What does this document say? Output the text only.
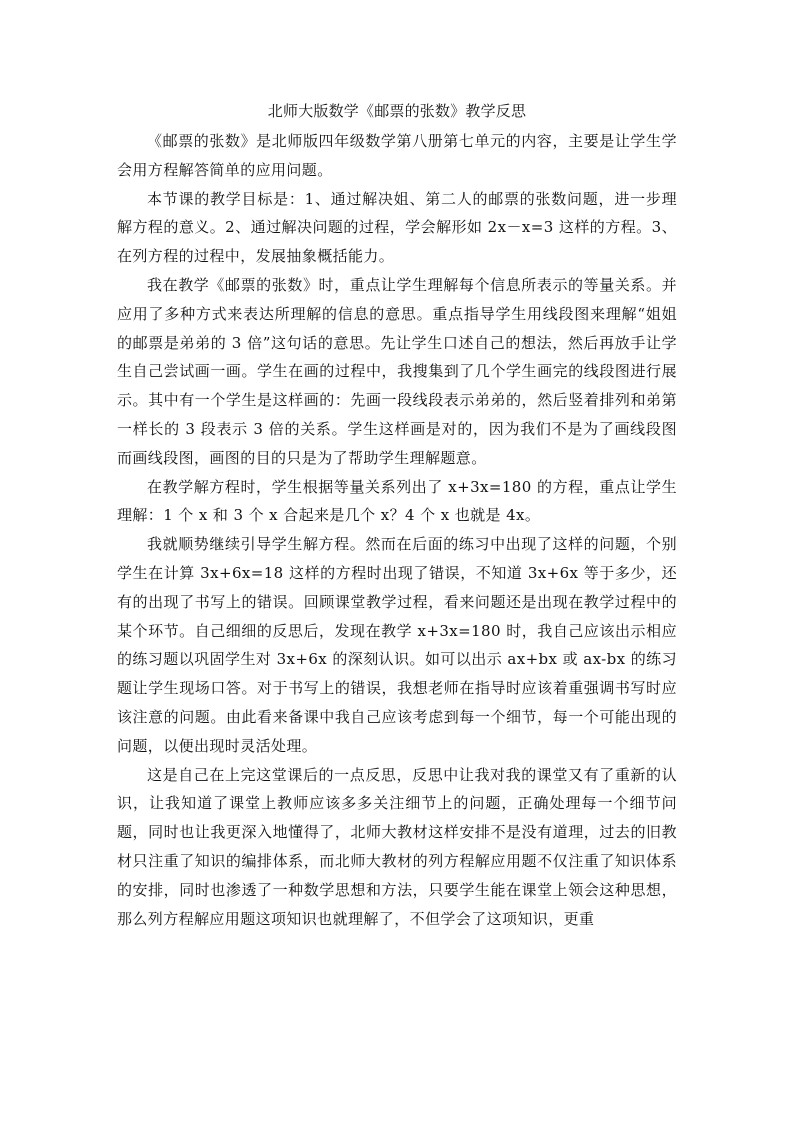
北师大版数学《邮票的张数》教学反思

《邮票的张数》是北师版四年级数学第八册第七单元的内容，主要是让学生学会用方程解答简单的应用问题。

本节课的教学目标是：1、通过解决姐、第二人的邮票的张数问题，进一步理解方程的意义。2、通过解决问题的过程，学会解形如 2x－x=3 这样的方程。3、在列方程的过程中，发展抽象概括能力。

我在教学《邮票的张数》时，重点让学生理解每个信息所表示的等量关系。并应用了多种方式来表达所理解的信息的意思。重点指导学生用线段图来理解“姐姐的邮票是弟弟的 3 倍”这句话的意思。先让学生口述自己的想法，然后再放手让学生自己尝试画一画。学生在画的过程中，我搜集到了几个学生画完的线段图进行展示。其中有一个学生是这样画的：先画一段线段表示弟弟的，然后竖着排列和弟第一样长的 3 段表示 3 倍的关系。学生这样画是对的，因为我们不是为了画线段图而画线段图，画图的目的只是为了帮助学生理解题意。

在教学解方程时，学生根据等量关系列出了 x+3x=180 的方程，重点让学生理解：1 个 x 和 3 个 x 合起来是几个 x？4 个 x 也就是 4x。

我就顺势继续引导学生解方程。然而在后面的练习中出现了这样的问题，个别学生在计算 3x+6x=18 这样的方程时出现了错误，不知道 3x+6x 等于多少，还有的出现了书写上的错误。回顾课堂教学过程，看来问题还是出现在教学过程中的某个环节。自己细细的反思后，发现在教学 x+3x=180 时，我自己应该出示相应的练习题以巩固学生对 3x+6x 的深刻认识。如可以出示 ax+bx 或 ax-bx 的练习题让学生现场口答。对于书写上的错误，我想老师在指导时应该着重强调书写时应该注意的问题。由此看来备课中我自己应该考虑到每一个细节，每一个可能出现的问题，以便出现时灵活处理。

这是自己在上完这堂课后的一点反思，反思中让我对我的课堂又有了重新的认识，让我知道了课堂上教师应该多多关注细节上的问题，正确处理每一个细节问题，同时也让我更深入地懂得了，北师大教材这样安排不是没有道理，过去的旧教材只注重了知识的编排体系，而北师大教材的列方程解应用题不仅注重了知识体系的安排，同时也渗透了一种数学思想和方法，只要学生能在课堂上领会这种思想，那么列方程解应用题这项知识也就理解了，不但学会了这项知识，更重
